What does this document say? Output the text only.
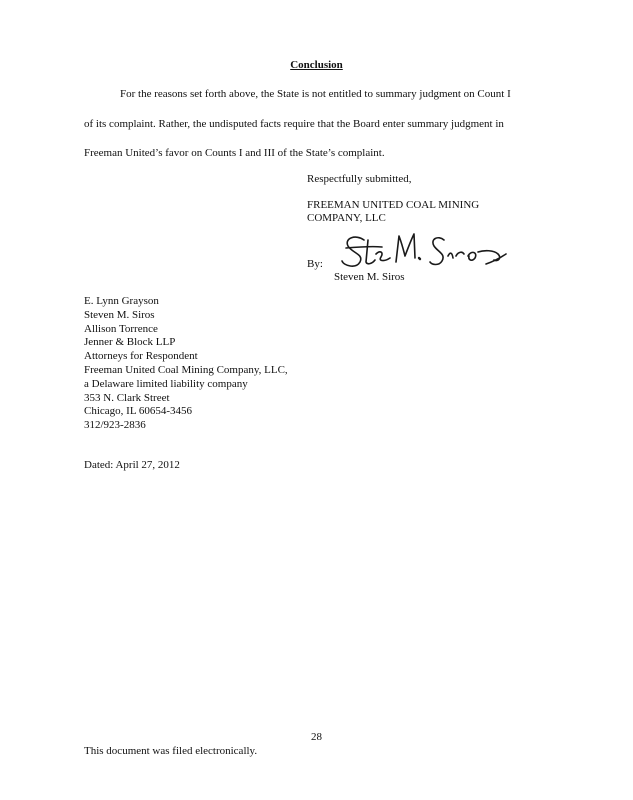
Conclusion
For the reasons set forth above, the State is not entitled to summary judgment on Count I
of its complaint. Rather, the undisputed facts require that the Board enter summary judgment in
Freeman United’s favor on Counts I and III of the State’s complaint.
Respectfully submitted,
FREEMAN UNITED COAL MINING
COMPANY, LLC
By:
Steven M. Siros
E. Lynn Grayson
Steven M. Siros
Allison Torrence
Jenner & Block LLP
Attorneys for Respondent
Freeman United Coal Mining Company, LLC,
a Delaware limited liability company
353 N. Clark Street
Chicago, IL 60654-3456
312/923-2836
Dated: April 27, 2012
28
This document was filed electronically.
